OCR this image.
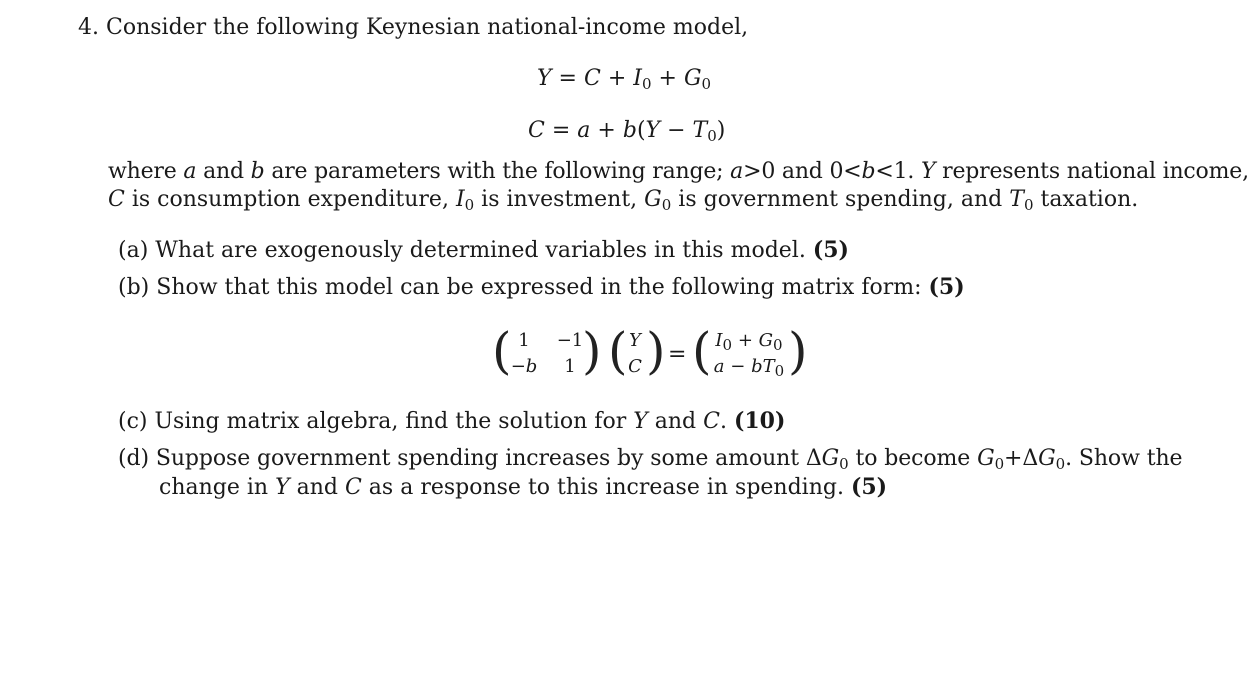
4. Consider the following Keynesian national-income model,
$Y = C + I_0 + G_0$
$C = a + b(Y - T_0)$
where a and b are parameters with the following range; a>0 and 0<b<1. Y represents national income,
C is consumption expenditure, $I_0$ is investment, $G_0$ is government spending, and $T_0$ taxation.
(a) What are exogenously determined variables in this model. (5)
(b) Show that this model can be expressed in the following matrix form: (5)
( 1	−1
−b	1 ) ( Y
C ) = ( $I_0 + G_0$
$a - bT_0$ )
(c) Using matrix algebra, find the solution for Y and C. (10)
(d) Suppose government spending increases by some amount $\Delta G_0$ to become $G_0+\Delta G_0$. Show the
change in Y and C as a response to this increase in spending. (5)
